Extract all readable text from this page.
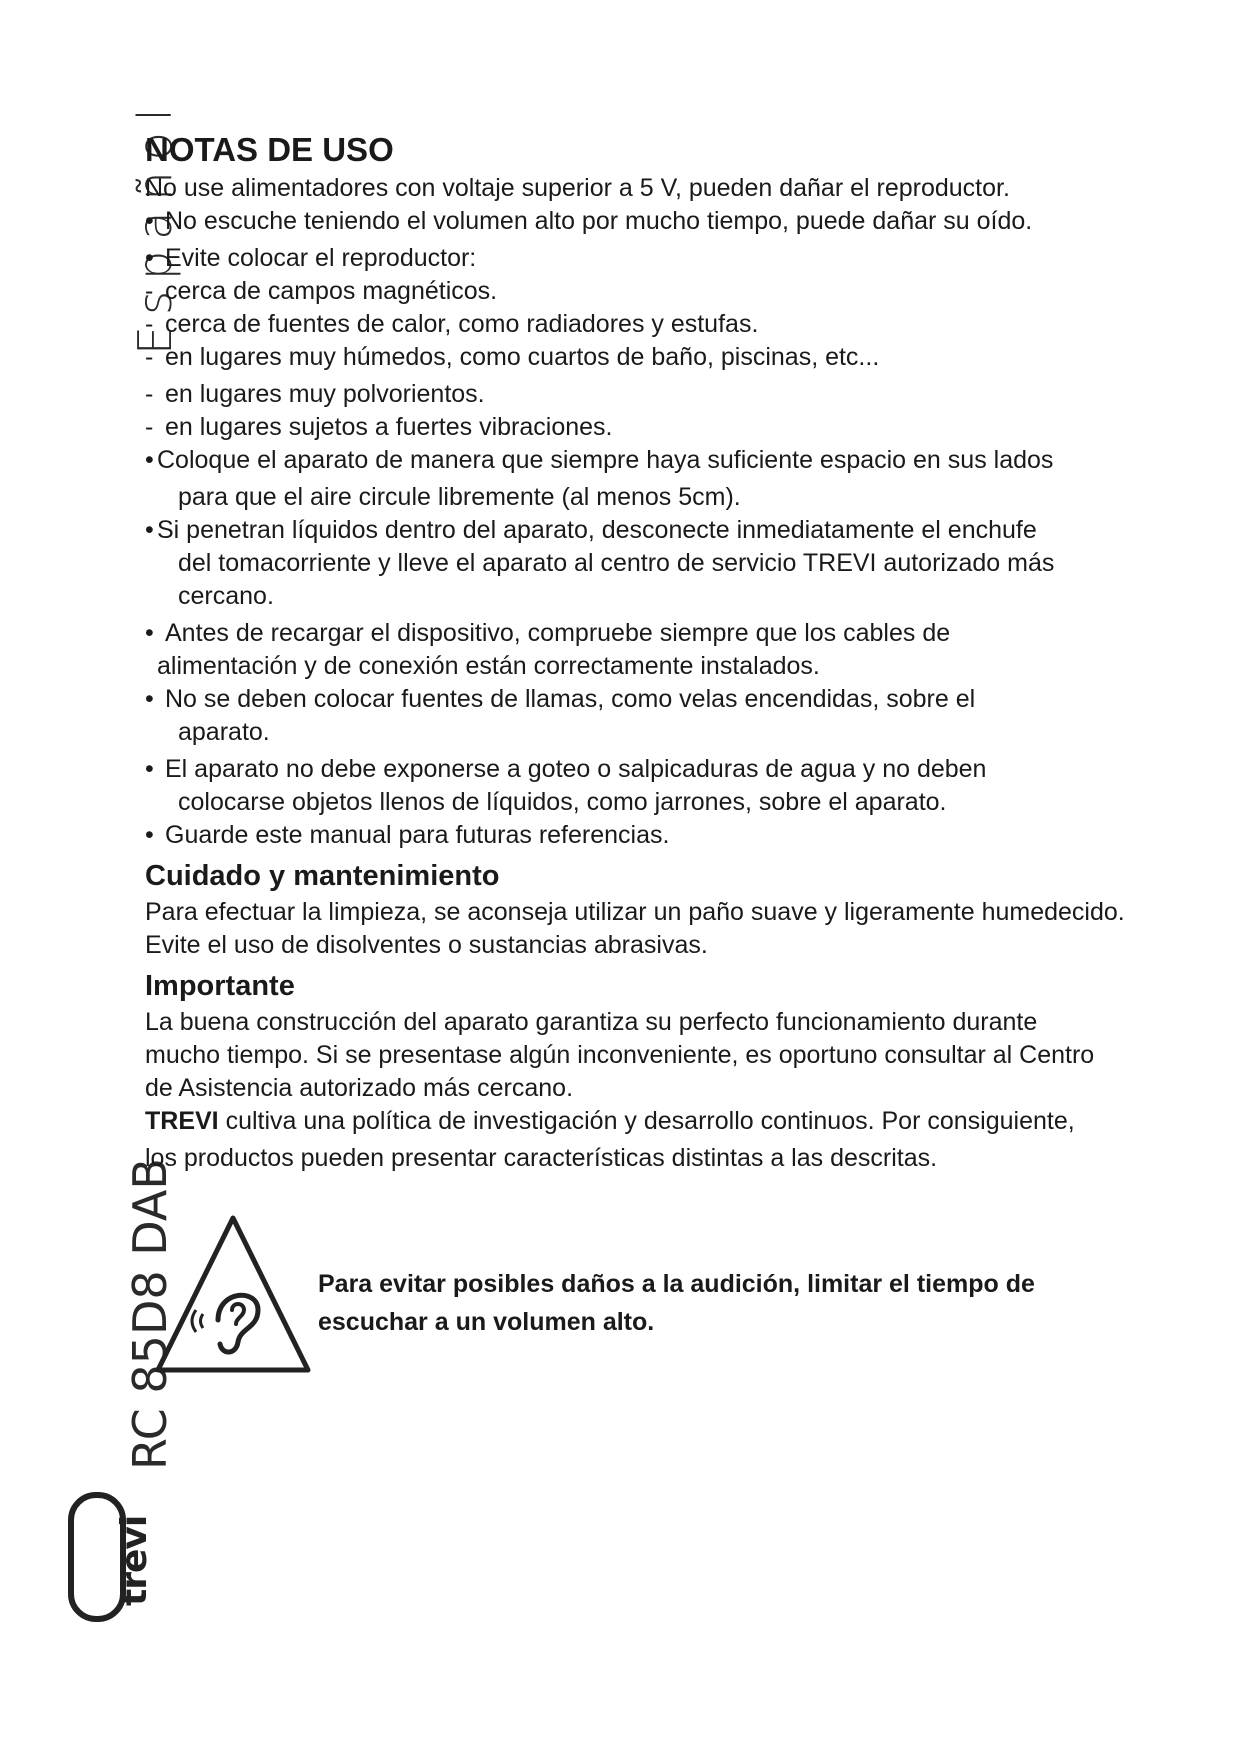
Español
RC 85D8 DAB
trevi
NOTAS DE USO

No use alimentadores con voltaje superior a 5 V, pueden dañar el reproductor.

• No escuche teniendo el volumen alto por mucho tiempo, puede dañar su oído.

• Evite colocar el reproductor:

- cerca de campos magnéticos.

- cerca de fuentes de calor, como radiadores y estufas.

- en lugares muy húmedos, como cuartos de baño, piscinas, etc...

- en lugares muy polvorientos.

- en lugares sujetos a fuertes vibraciones.

• Coloque el aparato de manera que siempre haya suficiente espacio en sus lados

para que el aire circule libremente (al menos 5cm).

• Si penetran líquidos dentro del aparato, desconecte inmediatamente el enchufe

del tomacorriente y lleve el aparato al centro de servicio TREVI autorizado más

cercano.

• Antes de recargar el dispositivo, compruebe siempre que los cables de

alimentación y de conexión están correctamente instalados.

• No se deben colocar fuentes de llamas, como velas encendidas, sobre el

aparato.

• El aparato no debe exponerse a goteo o salpicaduras de agua y no deben

colocarse objetos llenos de líquidos, como jarrones, sobre el aparato.

• Guarde este manual para futuras referencias.

Cuidado y mantenimiento

Para efectuar la limpieza, se aconseja utilizar un paño suave y ligeramente humedecido.

Evite el uso de disolventes o sustancias abrasivas.

Importante

La buena construcción del aparato garantiza su perfecto funcionamiento durante

mucho tiempo. Si se presentase algún inconveniente, es oportuno consultar al Centro

de Asistencia autorizado más cercano.

TREVI cultiva una política de investigación y desarrollo continuos. Por consiguiente,

los productos pueden presentar características distintas a las descritas.

Para evitar posibles daños a la audición, limitar el tiempo de
escuchar a un volumen alto.
